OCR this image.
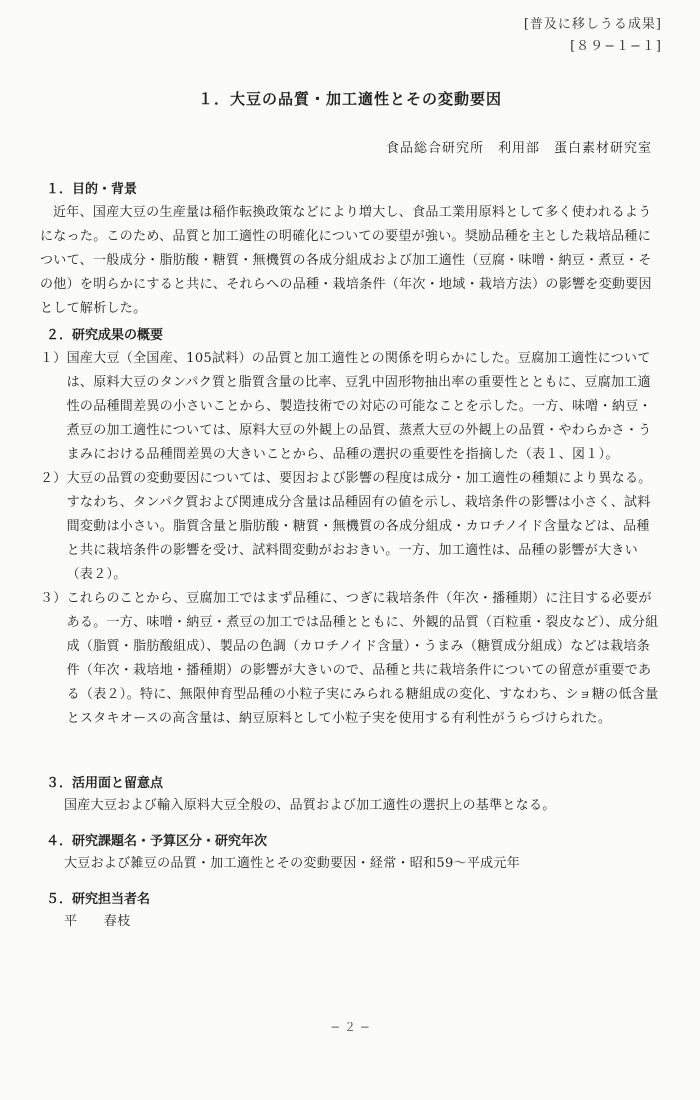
[普及に移しうる成果]
[８９−１−１]
１．大豆の品質・加工適性とその変動要因
食品総合研究所　利用部　蛋白素材研究室
１．目的・背景

近年、国産大豆の生産量は稲作転換政策などにより増大し、食品工業用原料として多く使われるようになった。このため、品質と加工適性の明確化についての要望が強い。奨励品種を主とした栽培品種について、一般成分・脂肪酸・糖質・無機質の各成分組成および加工適性（豆腐・味噌・納豆・煮豆・その他）を明らかにすると共に、それらへの品種・栽培条件（年次・地域・栽培方法）の影響を変動要因として解析した。

２．研究成果の概要
１） 国産大豆（全国産、105試料）の品質と加工適性との関係を明らかにした。豆腐加工適性については、原料大豆のタンパク質と脂質含量の比率、豆乳中固形物抽出率の重要性とともに、豆腐加工適性の品種間差異の小さいことから、製造技術での対応の可能なことを示した。一方、味噌・納豆・煮豆の加工適性については、原料大豆の外観上の品質、蒸煮大豆の外観上の品質・やわらかさ・うまみにおける品種間差異の大きいことから、品種の選択の重要性を指摘した（表１、図１）。
２） 大豆の品質の変動要因については、要因および影響の程度は成分・加工適性の種類により異なる。すなわち、タンパク質および関連成分含量は品種固有の値を示し、栽培条件の影響は小さく、試料間変動は小さい。脂質含量と脂肪酸・糖質・無機質の各成分組成・カロチノイド含量などは、品種と共に栽培条件の影響を受け、試料間変動がおおきい。一方、加工適性は、品種の影響が大きい（表２）。
３） これらのことから、豆腐加工ではまず品種に、つぎに栽培条件（年次・播種期）に注目する必要がある。一方、味噌・納豆・煮豆の加工では品種とともに、外観的品質（百粒重・裂皮など）、成分組成（脂質・脂肪酸組成）、製品の色調（カロチノイド含量）・うまみ（糖質成分組成）などは栽培条件（年次・栽培地・播種期）の影響が大きいので、品種と共に栽培条件についての留意が重要である（表２）。特に、無限伸育型品種の小粒子実にみられる糖組成の変化、すなわち、ショ糖の低含量とスタキオースの高含量は、納豆原料として小粒子実を使用する有利性がうらづけられた。
３．活用面と留意点

国産大豆および輸入原料大豆全般の、品質および加工適性の選択上の基準となる。

４．研究課題名・予算区分・研究年次

大豆および雑豆の品質・加工適性とその変動要因・経常・昭和59～平成元年

５．研究担当者名

平　　春枝

− ２ −
